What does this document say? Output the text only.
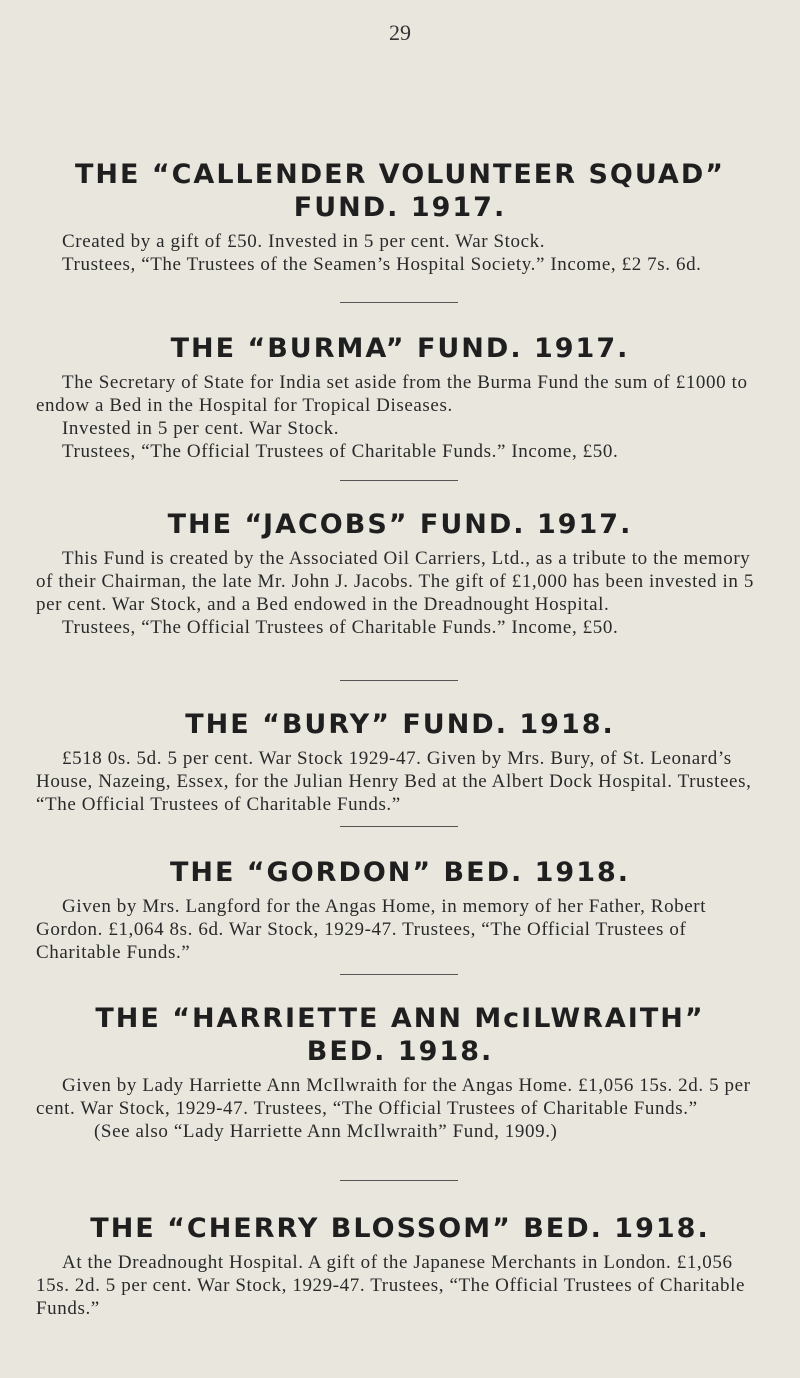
29
THE “CALLENDER VOLUNTEER SQUAD”
FUND. 1917.

Created by a gift of £50. Invested in 5 per cent. War Stock.

Trustees, “The Trustees of the Seamen’s Hospital Society.” Income, £2 7s. 6d.

THE “BURMA” FUND. 1917.

The Secretary of State for India set aside from the Burma Fund the sum of £1000 to endow a Bed in the Hospital for Tropical Diseases.

Invested in 5 per cent. War Stock.

Trustees, “The Official Trustees of Charitable Funds.” Income, £50.

THE “JACOBS” FUND. 1917.

This Fund is created by the Associated Oil Carriers, Ltd., as a tribute to the memory of their Chairman, the late Mr. John J. Jacobs. The gift of £1,000 has been invested in 5 per cent. War Stock, and a Bed endowed in the Dreadnought Hospital.

Trustees, “The Official Trustees of Charitable Funds.” Income, £50.

THE “BURY” FUND. 1918.

£518 0s. 5d. 5 per cent. War Stock 1929-47. Given by Mrs. Bury, of St. Leonard’s House, Nazeing, Essex, for the Julian Henry Bed at the Albert Dock Hospital. Trustees, “The Official Trustees of Charitable Funds.”

THE “GORDON” BED. 1918.

Given by Mrs. Langford for the Angas Home, in memory of her Father, Robert Gordon. £1,064 8s. 6d. War Stock, 1929-47. Trustees, “The Official Trustees of Charitable Funds.”

THE “HARRIETTE ANN McILWRAITH”
BED. 1918.

Given by Lady Harriette Ann McIlwraith for the Angas Home. £1,056 15s. 2d. 5 per cent. War Stock, 1929-47. Trustees, “The Official Trustees of Charitable Funds.”

(See also “Lady Harriette Ann McIlwraith” Fund, 1909.)

THE “CHERRY BLOSSOM” BED. 1918.

At the Dreadnought Hospital. A gift of the Japanese Merchants in London. £1,056 15s. 2d. 5 per cent. War Stock, 1929-47. Trustees, “The Official Trustees of Charitable Funds.”
